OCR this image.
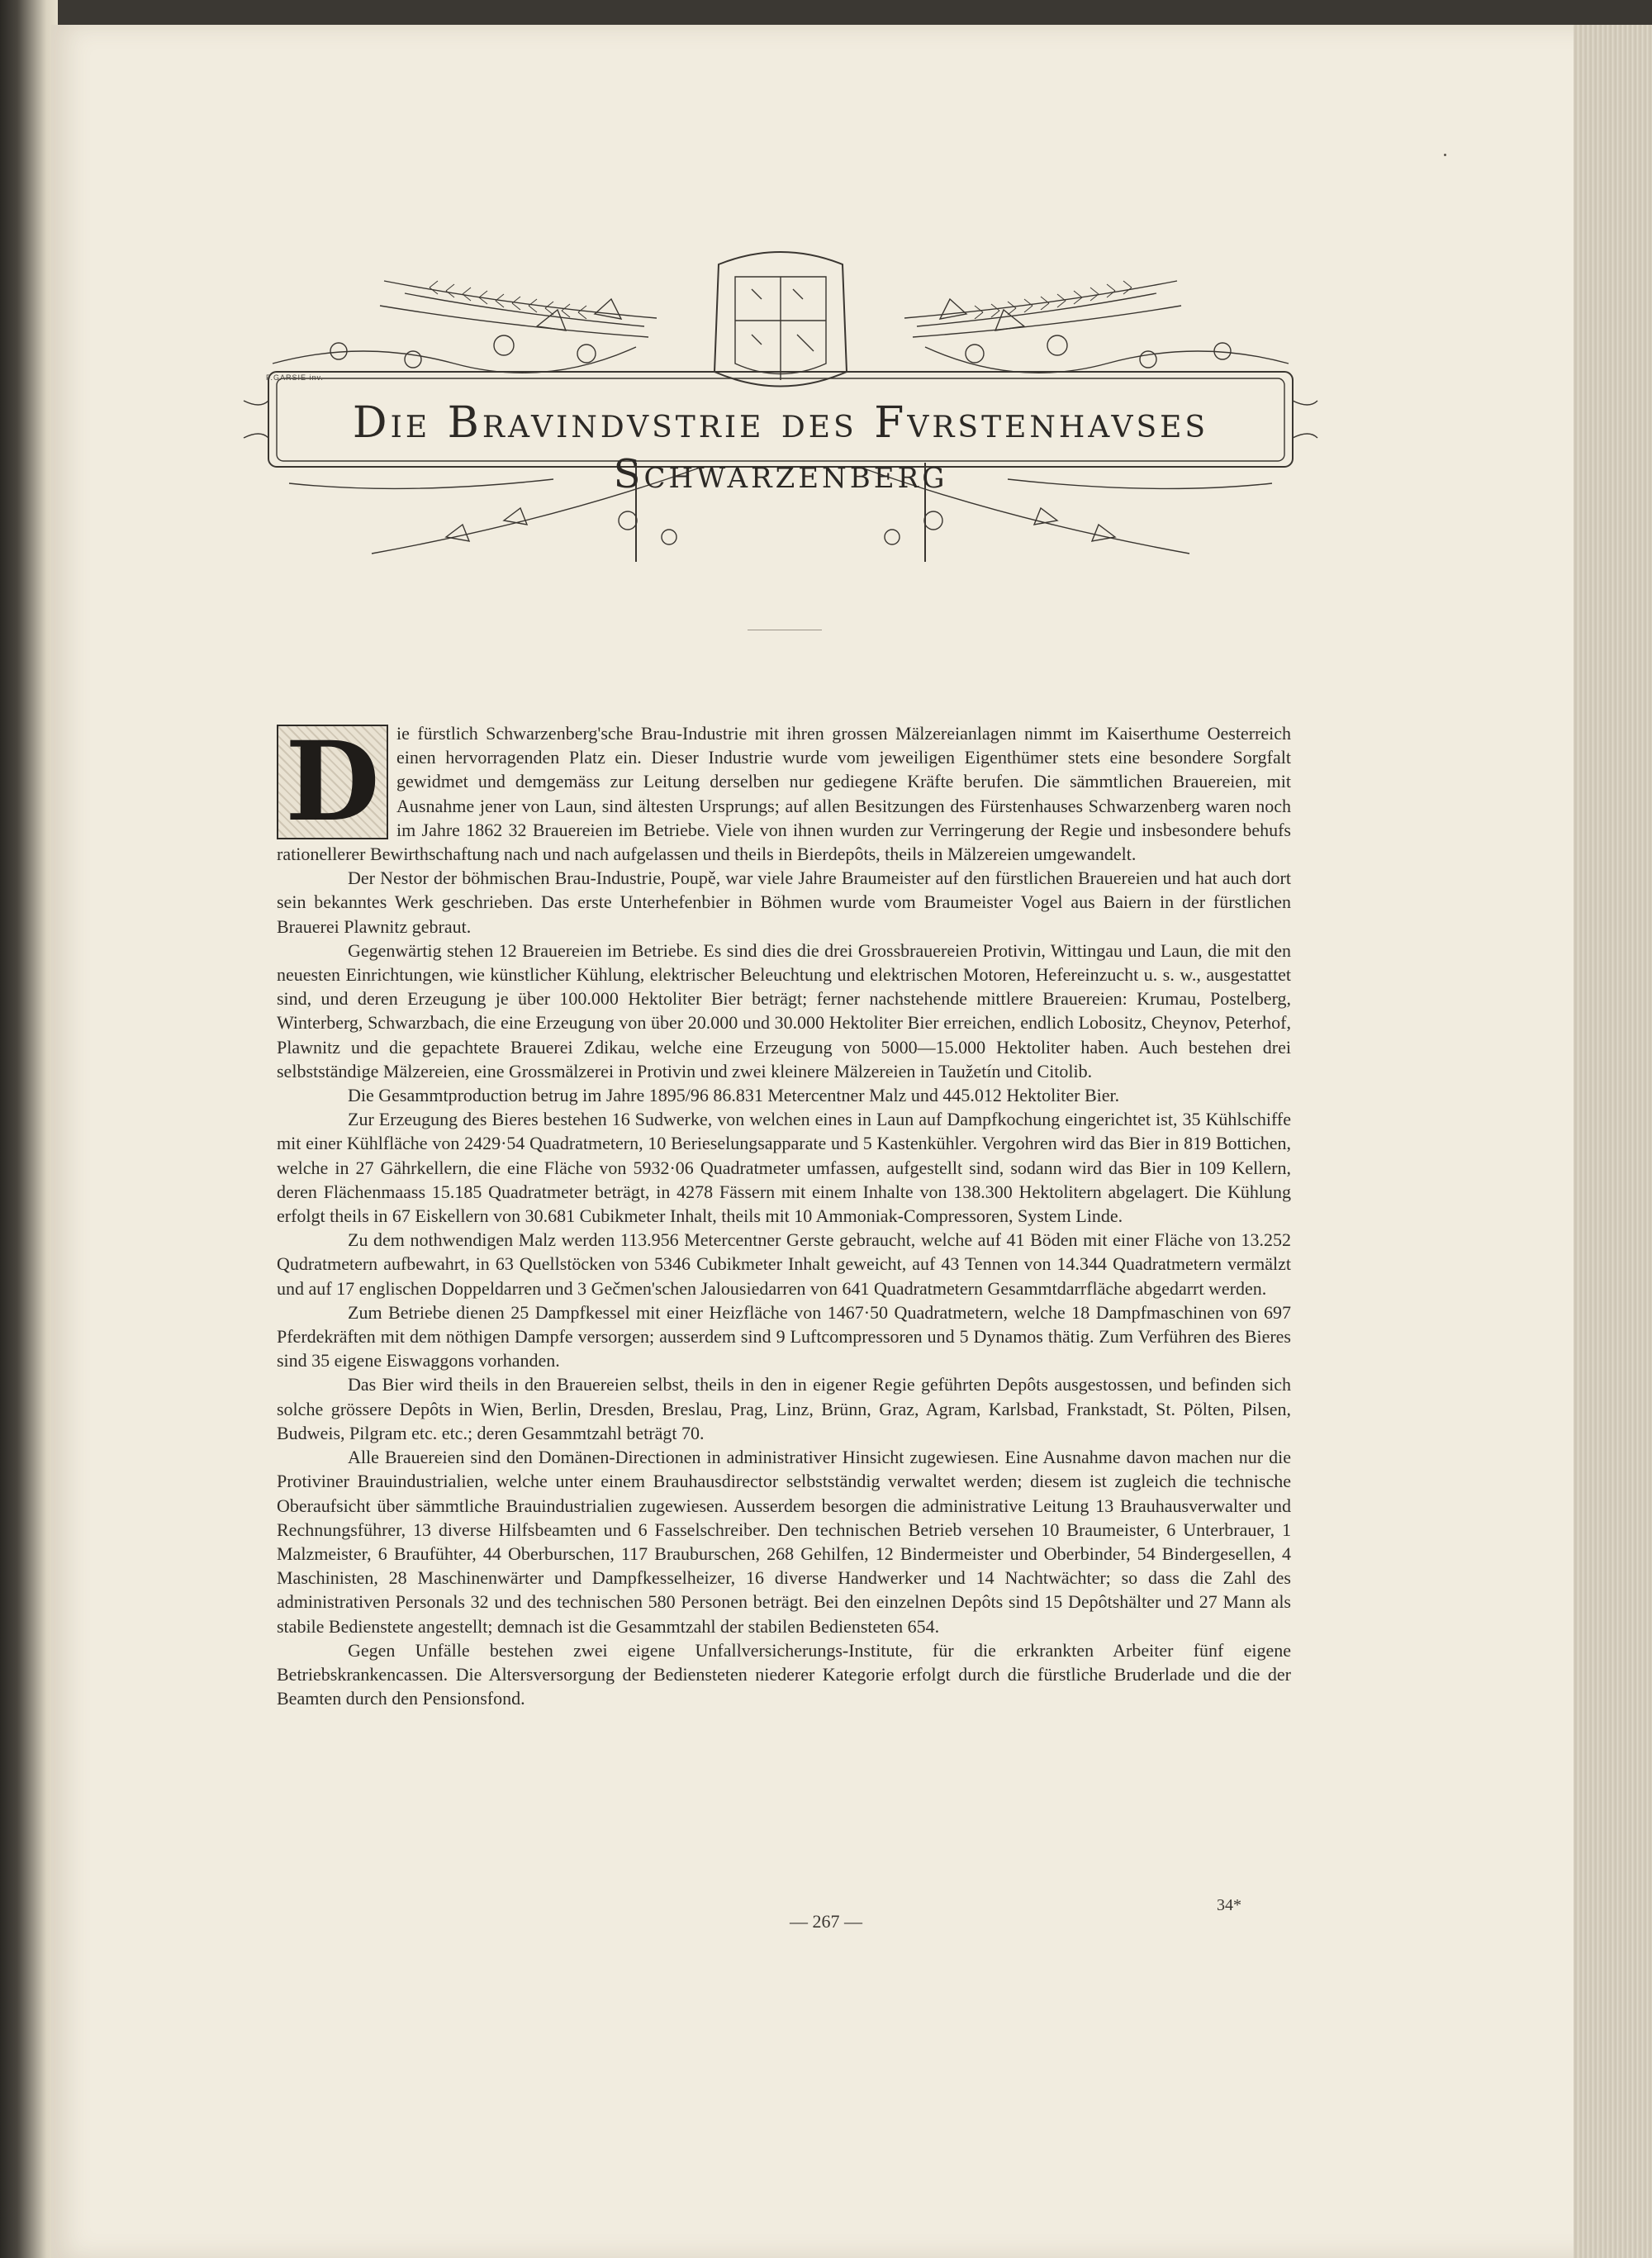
F.GARSIE inv.
Die Bravindvstrie des Fvrstenhavses
Schwarzenberg
D ie fürstlich Schwarzenberg'sche Brau-Industrie mit ihren grossen Mälzereianlagen nimmt im Kaiserthume Oesterreich einen hervorragenden Platz ein. Dieser Industrie wurde vom jeweiligen Eigenthümer stets eine besondere Sorgfalt gewidmet und demgemäss zur Leitung derselben nur gediegene Kräfte berufen. Die sämmtlichen Brauereien, mit Ausnahme jener von Laun, sind ältesten Ursprungs; auf allen Besitzungen des Fürstenhauses Schwarzenberg waren noch im Jahre 1862 32 Brauereien im Betriebe. Viele von ihnen wurden zur Verringerung der Regie und insbesondere behufs rationellerer Bewirthschaftung nach und nach aufgelassen und theils in Bierdepôts, theils in Mälzereien umgewandelt.

Der Nestor der böhmischen Brau-Industrie, Poupě, war viele Jahre Braumeister auf den fürstlichen Brauereien und hat auch dort sein bekanntes Werk geschrieben. Das erste Unterhefenbier in Böhmen wurde vom Braumeister Vogel aus Baiern in der fürstlichen Brauerei Plawnitz gebraut.

Gegenwärtig stehen 12 Brauereien im Betriebe. Es sind dies die drei Grossbrauereien Protivin, Wittingau und Laun, die mit den neuesten Einrichtungen, wie künstlicher Kühlung, elektrischer Beleuchtung und elektrischen Motoren, Hefereinzucht u. s. w., ausgestattet sind, und deren Erzeugung je über 100.000 Hektoliter Bier beträgt; ferner nachstehende mittlere Brauereien: Krumau, Postelberg, Winterberg, Schwarzbach, die eine Erzeugung von über 20.000 und 30.000 Hektoliter Bier erreichen, endlich Lobositz, Cheynov, Peterhof, Plawnitz und die gepachtete Brauerei Zdikau, welche eine Erzeugung von 5000—15.000 Hektoliter haben. Auch bestehen drei selbstständige Mälzereien, eine Grossmälzerei in Protivin und zwei kleinere Mälzereien in Taužetín und Citolib.

Die Gesammtproduction betrug im Jahre 1895/96 86.831 Metercentner Malz und 445.012 Hektoliter Bier.

Zur Erzeugung des Bieres bestehen 16 Sudwerke, von welchen eines in Laun auf Dampfkochung eingerichtet ist, 35 Kühlschiffe mit einer Kühlfläche von 2429·54 Quadratmetern, 10 Berieselungsapparate und 5 Kastenkühler. Vergohren wird das Bier in 819 Bottichen, welche in 27 Gährkellern, die eine Fläche von 5932·06 Quadratmeter umfassen, aufgestellt sind, sodann wird das Bier in 109 Kellern, deren Flächenmaass 15.185 Quadratmeter beträgt, in 4278 Fässern mit einem Inhalte von 138.300 Hektolitern abgelagert. Die Kühlung erfolgt theils in 67 Eiskellern von 30.681 Cubikmeter Inhalt, theils mit 10 Ammoniak-Compressoren, System Linde.

Zu dem nothwendigen Malz werden 113.956 Metercentner Gerste gebraucht, welche auf 41 Böden mit einer Fläche von 13.252 Qudratmetern aufbewahrt, in 63 Quellstöcken von 5346 Cubikmeter Inhalt geweicht, auf 43 Tennen von 14.344 Quadratmetern vermälzt und auf 17 englischen Doppeldarren und 3 Gečmen'schen Jalousiedarren von 641 Quadratmetern Gesammtdarrfläche abgedarrt werden.

Zum Betriebe dienen 25 Dampfkessel mit einer Heizfläche von 1467·50 Quadratmetern, welche 18 Dampfmaschinen von 697 Pferdekräften mit dem nöthigen Dampfe versorgen; ausserdem sind 9 Luftcompressoren und 5 Dynamos thätig. Zum Verführen des Bieres sind 35 eigene Eiswaggons vorhanden.

Das Bier wird theils in den Brauereien selbst, theils in den in eigener Regie geführten Depôts ausgestossen, und befinden sich solche grössere Depôts in Wien, Berlin, Dresden, Breslau, Prag, Linz, Brünn, Graz, Agram, Karlsbad, Frankstadt, St. Pölten, Pilsen, Budweis, Pilgram etc. etc.; deren Gesammtzahl beträgt 70.

Alle Brauereien sind den Domänen-Directionen in administrativer Hinsicht zugewiesen. Eine Ausnahme davon machen nur die Protiviner Brauindustrialien, welche unter einem Brauhausdirector selbstständig verwaltet werden; diesem ist zugleich die technische Oberaufsicht über sämmtliche Brauindustrialien zugewiesen. Ausserdem besorgen die administrative Leitung 13 Brauhausverwalter und Rechnungsführer, 13 diverse Hilfsbeamten und 6 Fasselschreiber. Den technischen Betrieb versehen 10 Braumeister, 6 Unterbrauer, 1 Malzmeister, 6 Braufühter, 44 Oberburschen, 117 Brauburschen, 268 Gehilfen, 12 Bindermeister und Oberbinder, 54 Bindergesellen, 4 Maschinisten, 28 Maschinenwärter und Dampfkesselheizer, 16 diverse Handwerker und 14 Nachtwächter; so dass die Zahl des administrativen Personals 32 und des technischen 580 Personen beträgt. Bei den einzelnen Depôts sind 15 Depôtshälter und 27 Mann als stabile Bedienstete angestellt; demnach ist die Gesammtzahl der stabilen Bediensteten 654.

Gegen Unfälle bestehen zwei eigene Unfallversicherungs-Institute, für die erkrankten Arbeiter fünf eigene Betriebskrankencassen. Die Altersversorgung der Bediensteten niederer Kategorie erfolgt durch die fürstliche Bruderlade und die der Beamten durch den Pensionsfond.

— 267 —
34*
